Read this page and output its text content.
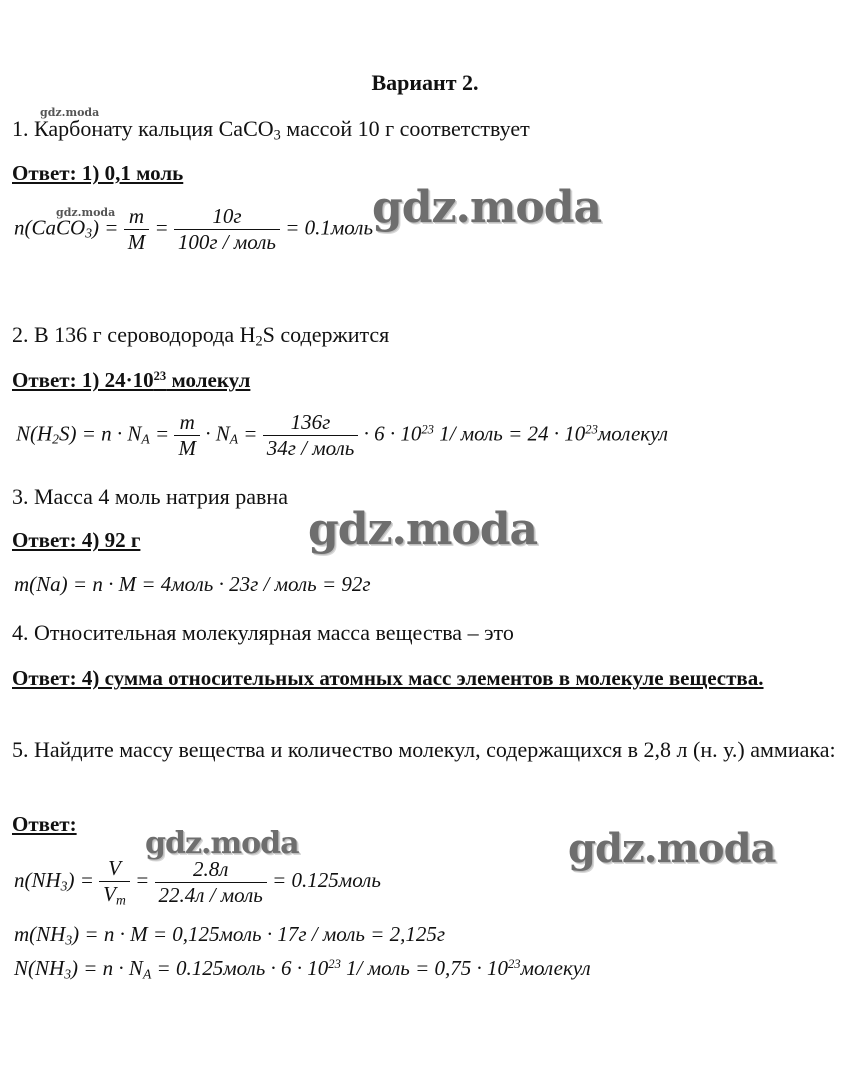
Вариант 2.
gdz.moda
1. Карбонату кальция CaCO$_3$ массой 10 г соответствует
Ответ: 1) 0,1 моль
gdz.moda
n(CaCO$_3$) = $\frac{m}{M} = \frac{10г}{\text{100г / моль}}$ = 0.1моль gdz.moda
2. В 136 г сероводорода $H_2S$ содержится
Ответ: 1) $24\cdot 10^{23}$ молекул
$N(H_2S) = n \cdot N_A = \frac{m}{M} \cdot N_A = \frac{136г}{\text{34г / моль}} \cdot 6 \cdot 10^{23}$ 1/ моль = $24 \cdot 10^{23}молекул$
3. Масса 4 моль натрия равна
Ответ: 4) 92 г	gdz.moda
m(Na) = n · M = 4моль · 23г / моль = 92г
4. Относительная молекулярная масса вещества – это
Ответ: 4) сумма относительных атомных масс элементов в молекуле вещества.
5. Найдите массу вещества и количество молекул, содержащихся в 2,8 л (н. у.) аммиака:
Ответ:
gdz.moda	gdz.moda
$n(NH_3) = \frac{V}{V_m} = \frac{2.8л}{\text{22.4л / моль}}$ = 0.125моль
$m(NH_3) = n \cdot M$ = 0,125моль · 17г / моль = 2,125г
$N(NH_3) = n \cdot N_A$ = 0.125моль · $6 \cdot 10^{23}$ 1/ моль = $0,75 \cdot 10^{23}молекул$
